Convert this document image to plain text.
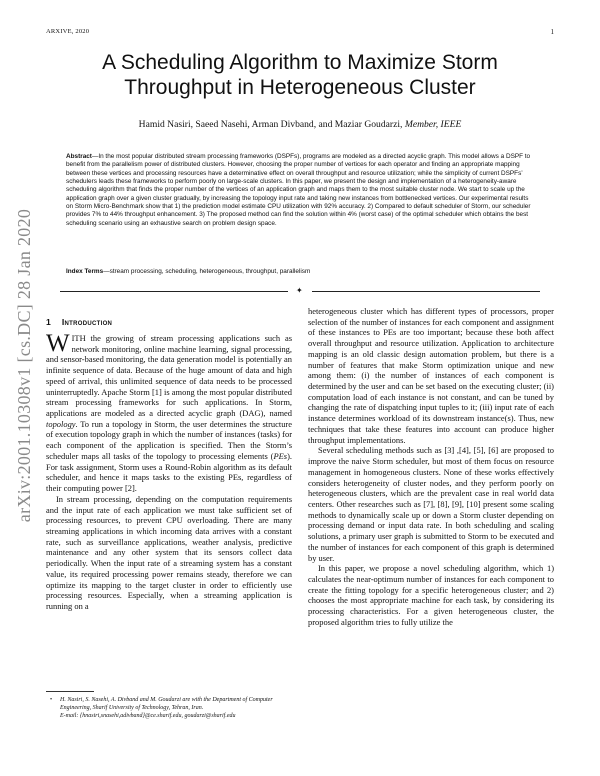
ARXIVE, 2020	1
arXiv:2001.10308v1 [cs.DC] 28 Jan 2020
A Scheduling Algorithm to Maximize Storm Throughput in Heterogeneous Cluster
Hamid Nasiri, Saeed Nasehi, Arman Divband, and Maziar Goudarzi, Member, IEEE

Abstract—In the most popular distributed stream processing frameworks (DSPFs), programs are modeled as a directed acyclic graph. This model allows a DSPF to benefit from the parallelism power of distributed clusters. However, choosing the proper number of vertices for each operator and finding an appropriate mapping between these vertices and processing resources have a determinative effect on overall throughput and resource utilization; while the simplicity of current DSPFs’ schedulers leads these frameworks to perform poorly on large-scale clusters. In this paper, we present the design and implementation of a heterogeneity-aware scheduling algorithm that finds the proper number of the vertices of an application graph and maps them to the most suitable cluster node. We start to scale up the application graph over a given cluster gradually, by increasing the topology input rate and taking new instances from bottlenecked vertices. Our experimental results on Storm Micro-Benchmark show that 1) the prediction model estimate CPU utilization with 92% accuracy. 2) Compared to default scheduler of Storm, our scheduler provides 7% to 44% throughput enhancement. 3) The proposed method can find the solution within 4% (worst case) of the optimal scheduler which obtains the best scheduling scenario using an exhaustive search on problem design space.

Index Terms—stream processing, scheduling, heterogeneous, throughput, parallelism

✦
1 Introduction

WITH the growing of stream processing applications such as network monitoring, online machine learning, signal processing, and sensor-based monitoring, the data generation model is potentially an infinite sequence of data. Because of the huge amount of data and high speed of arrival, this unlimited sequence of data needs to be processed uninterruptedly. Apache Storm [1] is among the most popular distributed stream processing frameworks for such applications. In Storm, applications are modeled as a directed acyclic graph (DAG), named topology. To run a topology in Storm, the user determines the structure of execution topology graph in which the number of instances (tasks) for each component of the application is specified. Then the Storm’s scheduler maps all tasks of the topology to processing elements (PEs). For task assignment, Storm uses a Round-Robin algorithm as its default scheduler, and hence it maps tasks to the existing PEs, regardless of their computing power [2].

In stream processing, depending on the computation requirements and the input rate of each application we must take sufficient set of processing resources, to prevent CPU overloading. There are many streaming applications in which incoming data arrives with a constant rate, such as surveillance applications, weather analysis, predictive maintenance and any other system that its sensors collect data periodically. When the input rate of a streaming system has a constant value, its required processing power remains steady, therefore we can optimize its mapping to the target cluster in order to efficiently use processing resources. Especially, when a streaming application is running on a

heterogeneous cluster which has different types of processors, proper selection of the number of instances for each component and assignment of these instances to PEs are too important; because these both affect overall throughput and resource utilization. Application to architecture mapping is an old classic design automation problem, but there is a number of features that make Storm optimization unique and new among them: (i) the number of instances of each component is determined by the user and can be set based on the executing cluster; (ii) computation load of each instance is not constant, and can be tuned by changing the rate of dispatching input tuples to it; (iii) input rate of each instance determines workload of its downstream instance(s). Thus, new techniques that take these features into account can produce higher throughput implementations.

Several scheduling methods such as [3] ,[4], [5], [6] are proposed to improve the naive Storm scheduler, but most of them focus on resource management in homogeneous clusters. None of these works effectively considers heterogeneity of cluster nodes, and they perform poorly on heterogeneous clusters, which are the prevalent case in real world data centers. Other researches such as [7], [8], [9], [10] present some scaling methods to dynamically scale up or down a Storm cluster depending on processing demand or input data rate. In both scheduling and scaling solutions, a primary user graph is submitted to Storm to be executed and the number of instances for each component of this graph is determined by user.

In this paper, we propose a novel scheduling algorithm, which 1) calculates the near-optimum number of instances for each component to create the fitting topology for a specific heterogeneous cluster; and 2) chooses the most appropriate machine for each task, by considering its processing characteristics. For a given heterogeneous cluster, the proposed algorithm tries to fully utilize the

• H. Nasiri, S. Nasehi, A. Divband and M. Goudarzi are with the Department of Computer Engineering, Sharif University of Technology, Tehran, Iran.
E-mail: {hnasiri,snasehi,adivband}@ce.sharif.edu, goudarzi@sharif.edu
